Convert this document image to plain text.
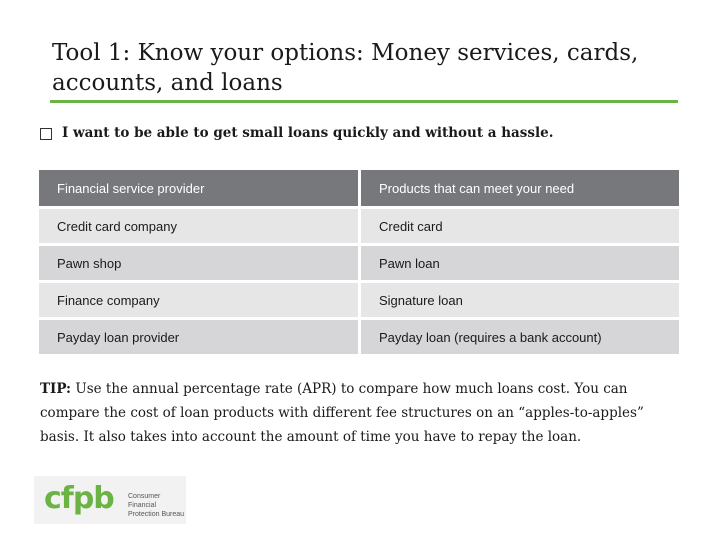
Tool 1: Know your options: Money services, cards, accounts, and loans
I want to be able to get small loans quickly and without a hassle.
Financial service provider	Products that can meet your need
Credit card company	Credit card
Pawn shop	Pawn loan
Finance company	Signature loan
Payday loan provider	Payday loan (requires a bank account)
TIP: Use the annual percentage rate (APR) to compare how much loans cost. You can compare the cost of loan products with different fee structures on an “apples-to-apples” basis. It also takes into account the amount of time you have to repay the loan.
cfpb Consumer Financial
Protection Bureau
